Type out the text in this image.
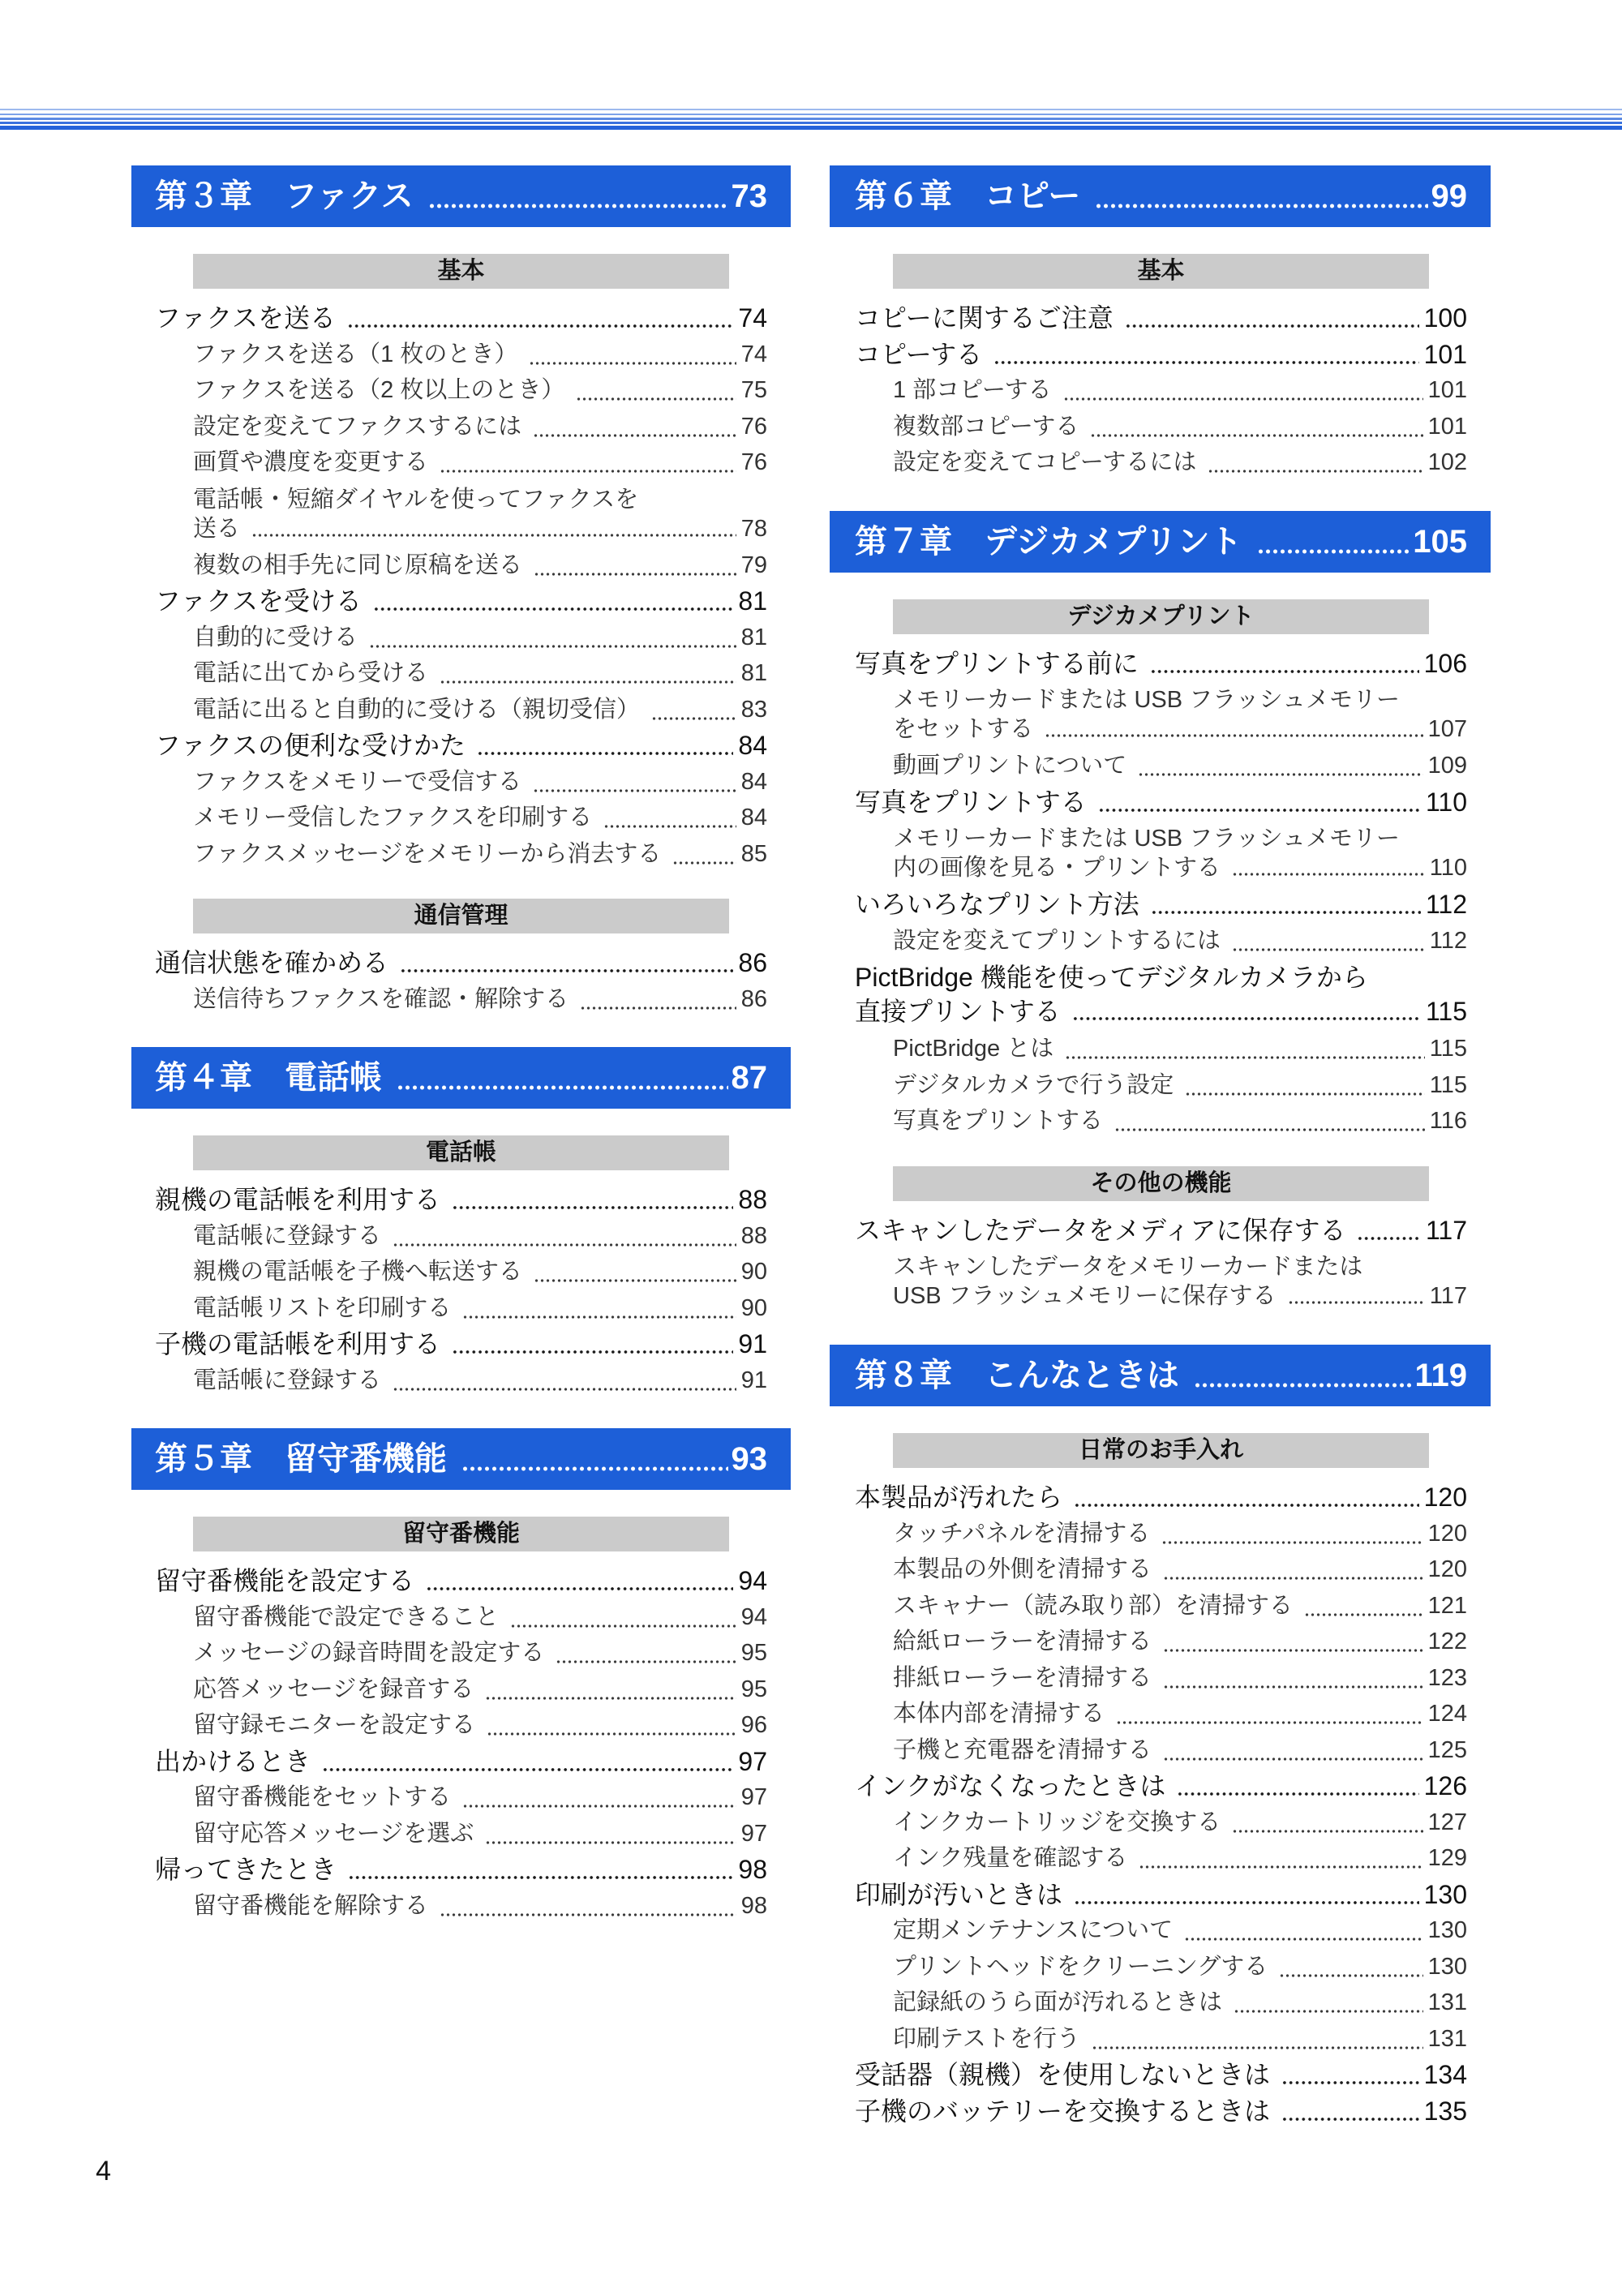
第３章 ファクス	73
基本
ファクスを送る	74
ファクスを送る（1 枚のとき）	74
ファクスを送る（2 枚以上のとき）	75
設定を変えてファクスするには	76
画質や濃度を変更する	76
電話帳・短縮ダイヤルを使ってファクスを
送る	78
複数の相手先に同じ原稿を送る	79
ファクスを受ける	81
自動的に受ける	81
電話に出てから受ける	81
電話に出ると自動的に受ける（親切受信）	83
ファクスの便利な受けかた	84
ファクスをメモリーで受信する	84
メモリー受信したファクスを印刷する	84
ファクスメッセージをメモリーから消去する	85
通信管理
通信状態を確かめる	86
送信待ちファクスを確認・解除する	86
第４章 電話帳	87
電話帳
親機の電話帳を利用する	88
電話帳に登録する	88
親機の電話帳を子機へ転送する	90
電話帳リストを印刷する	90
子機の電話帳を利用する	91
電話帳に登録する	91
第５章 留守番機能	93
留守番機能
留守番機能を設定する	94
留守番機能で設定できること	94
メッセージの録音時間を設定する	95
応答メッセージを録音する	95
留守録モニターを設定する	96
出かけるとき	97
留守番機能をセットする	97
留守応答メッセージを選ぶ	97
帰ってきたとき	98
留守番機能を解除する	98
第６章 コピー	99
基本
コピーに関するご注意	100
コピーする	101
1 部コピーする	101
複数部コピーする	101
設定を変えてコピーするには	102
第７章 デジカメプリント	105
デジカメプリント
写真をプリントする前に	106
メモリーカードまたは USB フラッシュメモリー
をセットする	107
動画プリントについて	109
写真をプリントする	110
メモリーカードまたは USB フラッシュメモリー
内の画像を見る・プリントする	110
いろいろなプリント方法	112
設定を変えてプリントするには	112
PictBridge 機能を使ってデジタルカメラから
直接プリントする	115
PictBridge とは	115
デジタルカメラで行う設定	115
写真をプリントする	116
その他の機能
スキャンしたデータをメディアに保存する	117
スキャンしたデータをメモリーカードまたは
USB フラッシュメモリーに保存する	117
第８章 こんなときは	119
日常のお手入れ
本製品が汚れたら	120
タッチパネルを清掃する	120
本製品の外側を清掃する	120
スキャナー（読み取り部）を清掃する	121
給紙ローラーを清掃する	122
排紙ローラーを清掃する	123
本体内部を清掃する	124
子機と充電器を清掃する	125
インクがなくなったときは	126
インクカートリッジを交換する	127
インク残量を確認する	129
印刷が汚いときは	130
定期メンテナンスについて	130
プリントヘッドをクリーニングする	130
記録紙のうら面が汚れるときは	131
印刷テストを行う	131
受話器（親機）を使用しないときは	134
子機のバッテリーを交換するときは	135
4
